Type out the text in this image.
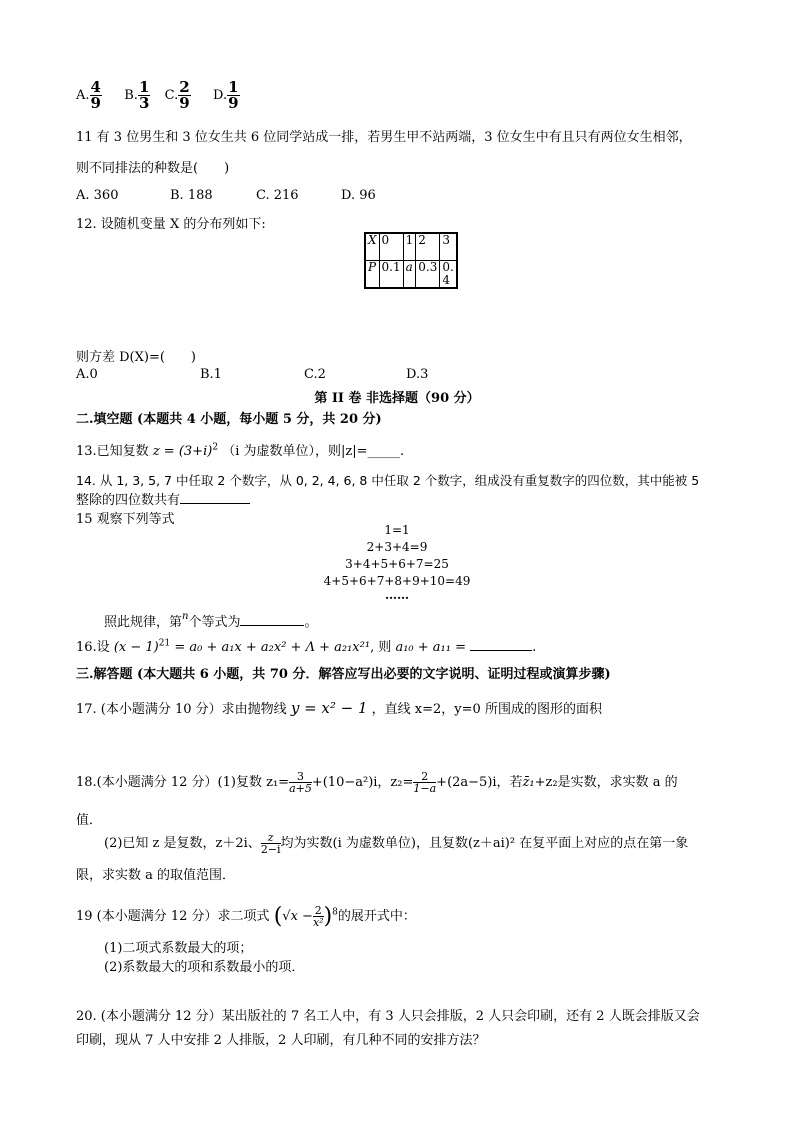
A. $\frac{4}{9} B$. $\frac{1}{3} C$. $\frac{2}{9} D$. $\frac{1}{9}$
11 有 3 位男生和 3 位女生共 6 位同学站成一排，若男生甲不站两端，3 位女生中有且只有两位女生相邻，
则不同排法的种数是(　　)
A. 360	B. 188	C. 216	D. 96
12. 设随机变量 X 的分布列如下:
X	0	1	2	3
P	0.1	a	0.3	0.4
则方差 D(X)=(　　)
A.0	B.1	C.2	D.3
第 II 卷 非选择题（90 分）
二.填空题 (本题共 4 小题，每小题 5 分，共 20 分)
13.已知复数 $z = (3+i)^2$ （i 为虚数单位），则|z|=_____.
14. 从 1, 3, 5, 7 中任取 2 个数字，从 0, 2, 4, 6, 8 中任取 2 个数字，组成没有重复数字的四位数，其中能被 5
整除的四位数共有
15 观察下列等式
1=1
2+3+4=9
3+4+5+6+7=25
4+5+6+7+8+9+10=49
……
照此规律，第$^n$个等式为	。
16.设 $(x - 1)^{21} = a_0 + a_1x + a_2x^2 + \Lambda + a_{21}x^{21}$, 则 a₁₀ + a₁₁ =	.
三.解答题 (本大题共 6 小题，共 70 分．解答应写出必要的文字说明、证明过程或演算步骤)
17. (本小题满分 10 分）求由抛物线 y = x² − 1 ，直线 x=2，y=0 所围成的图形的面积
18.(本小题满分 12 分）(1)复数 $z_1= \frac{3}{a+5} +(10-a^2)i$，$z_2= \frac{2}{1-a} +(2a-5)i$，若z̄₁+z₂是实数，求实数 a 的
值．
(2)已知 z 是复数，z＋2i、 $\frac{z}{2-i}$ 均为实数(i 为虚数单位)，且复数(z＋ai)² 在复平面上对应的点在第一象
限，求实数 a 的取值范围．
19 (本小题满分 12 分）求二项式 $(√x - \frac{2}{\text{x²}} )^8$的展开式中：
(1)二项式系数最大的项；
(2)系数最大的项和系数最小的项．
20. (本小题满分 12 分）某出版社的 7 名工人中，有 3 人只会排版，2 人只会印刷，还有 2 人既会排版又会
印刷，现从 7 人中安排 2 人排版，2 人印刷，有几种不同的安排方法？
